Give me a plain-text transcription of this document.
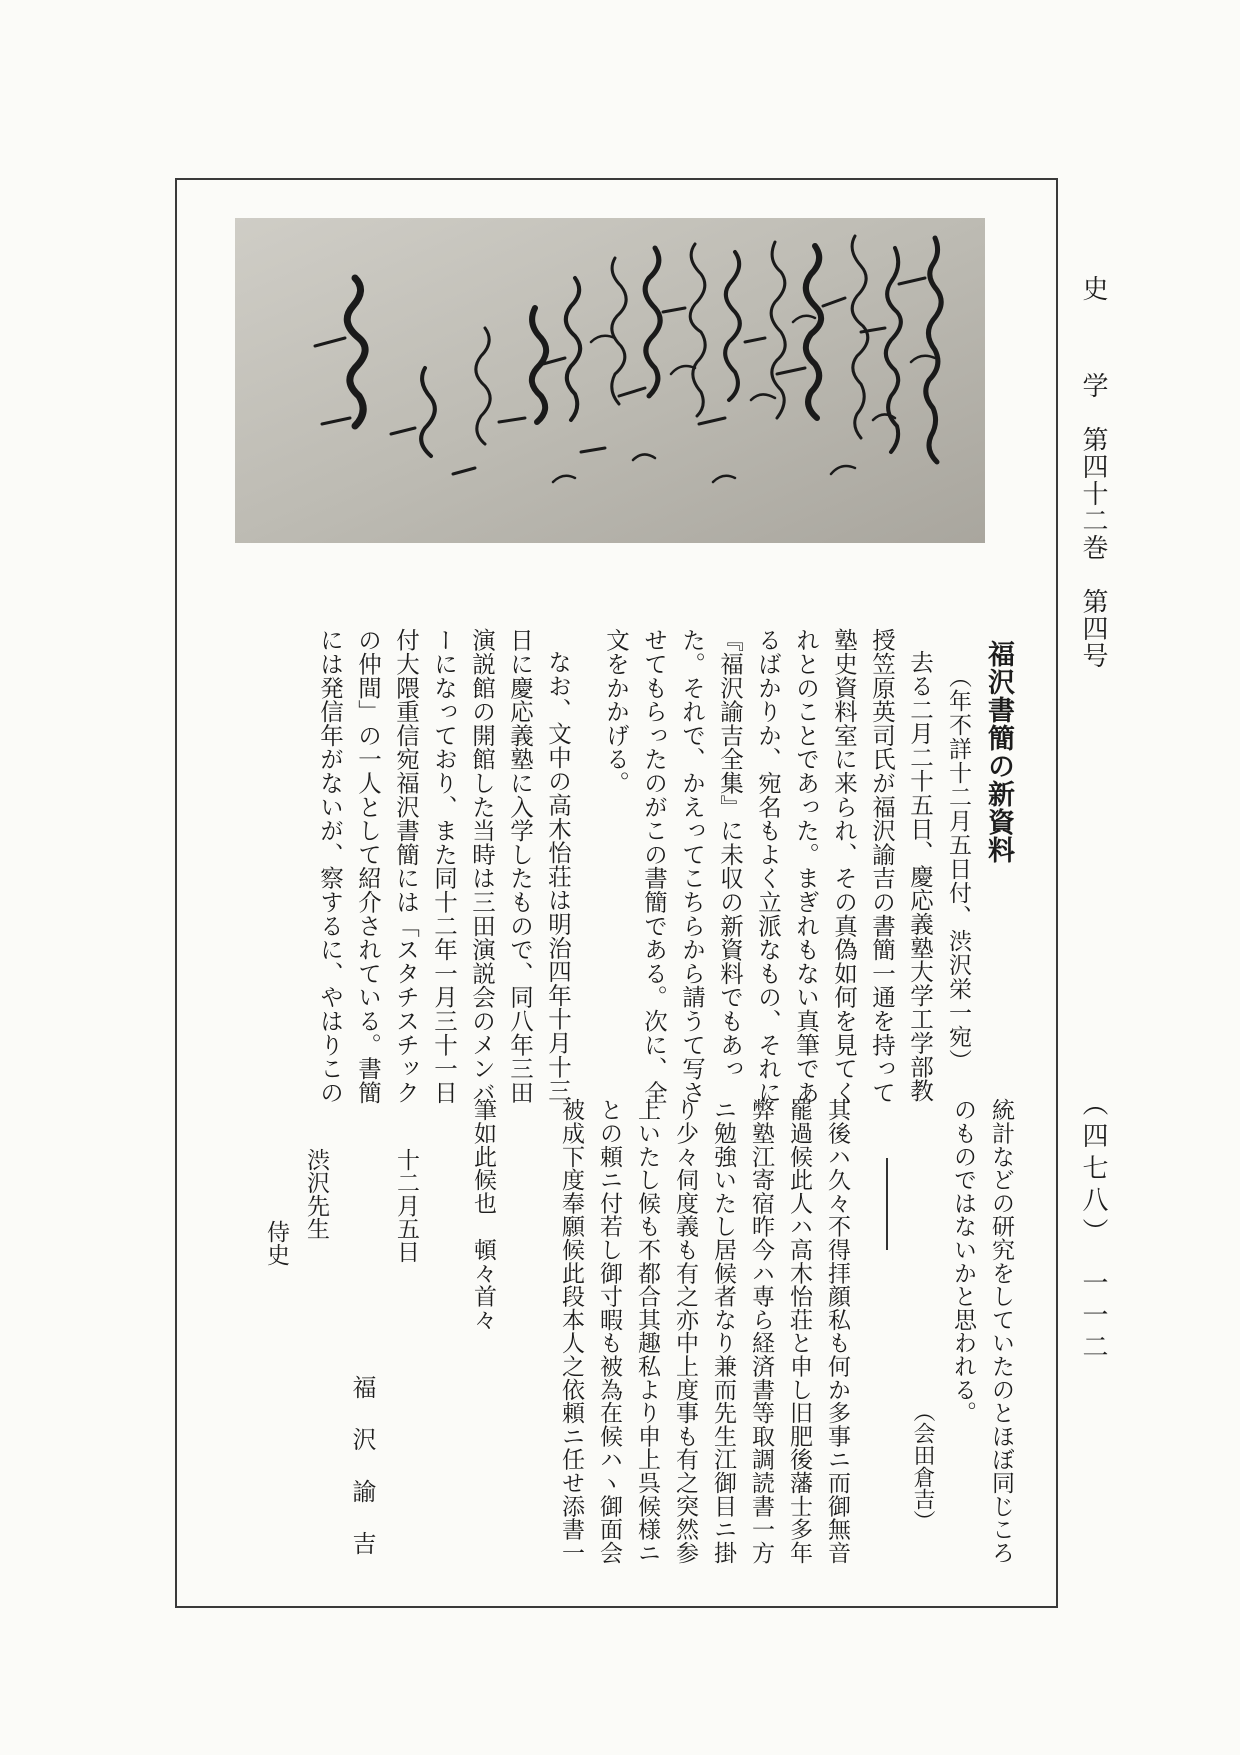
史学　第四十二巻　第四号
（四七八）　一一二
福沢書簡の新資料
（年不詳十二月五日付、渋沢栄一宛）
去る二月二十五日、慶応義塾大学工学部教
授笠原英司氏が福沢諭吉の書簡一通を持って
塾史資料室に来られ、その真偽如何を見てく
れとのことであった。まぎれもない真筆であ
るばかりか、宛名もよく立派なもの、それに
『福沢諭吉全集』に未収の新資料でもあっ
た。それで、かえってこちらから請うて写さ
せてもらったのがこの書簡である。次に、全
文をかかげる。
なお、文中の高木怡荘は明治四年十月十三
日に慶応義塾に入学したもので、同八年三田
演説館の開館した当時は三田演説会のメンバ
ーになっており、また同十二年一月三十一日
付大隈重信宛福沢書簡には「スタチスチック
の仲間」の一人として紹介されている。書簡
には発信年がないが、察するに、やはりこの
統計などの研究をしていたのとほぼ同じころ
のものではないかと思われる。
（会田倉吉）
其後ハ久々不得拝顔私も何か多事ニ而御無音
罷過候此人ハ高木怡荘と申し旧肥後藩士多年
弊塾江寄宿昨今ハ専ら経済書等取調読書一方
ニ勉強いたし居候者なり兼而先生江御目ニ掛
り少々伺度義も有之亦中上度事も有之突然参
上いたし候も不都合其趣私より申上呉候様ニ
との頼ニ付若し御寸暇も被為在候ハヽ御面会
被成下度奉願候此段本人之依頼ニ任せ添書一
筆如此候也　頓々首々
十二月五日
福沢諭吉
渋沢先生
侍史
